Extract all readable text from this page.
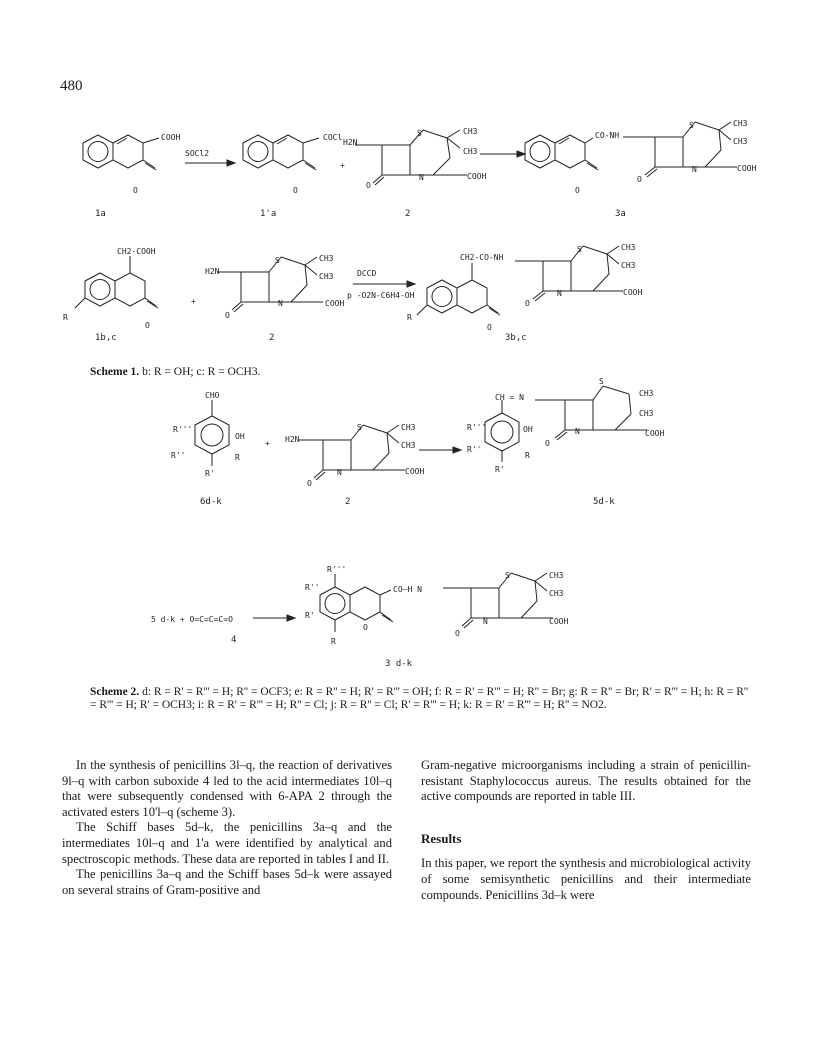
480
COOH	COCl
H2N
+
S	CH3
CH3
N	COOH
O
CO-NH
S	CH3
CH3
N	COOH
O
O	O	O
CH2-COOH
R
O
+
H2N
S	CH3
CH3
N	COOH
O
CH2-CO-NH
S	CH3
CH3
N	COOH
O
R
O
SOCl2
DCCD
p -O2N-C6H4-OH
1a	1'a	2	3a
1b,c	2	3b,c
Scheme 1. b: R = OH; c: R = OCH3.
CHO
R'''
OH
R''	R
R'
+ H2N
S	CH3
CH3
N	COOH
O
CH = N
R'''	OH
R''
R
R'
S
CH3
CH3
N	COOH
O
R'''
R''
R'
R
CO—H N
S	CH3
CH3
N	COOH
O
O
5 d-k + O=C=C=C=O
6d-k	2	5d-k
3 d-k
4
Scheme 2. d: R = R' = R''' = H; R'' = OCF3; e: R = R'' = H; R' = R''' = OH; f: R = R' = R''' = H; R'' = Br; g: R = R'' = Br; R' = R''' = H; h: R = R'' = R''' = H; R' = OCH3; i: R = R' = R''' = H; R'' = Cl; j: R = R'' = Cl; R' = R''' = H; k: R = R' = R''' = H; R'' = NO2.

In the synthesis of penicillins 3l–q, the reaction of derivatives 9l–q with carbon suboxide 4 led to the acid intermediates 10l–q that were subsequently condensed with 6-APA 2 through the activated esters 10'l–q (scheme 3).

The Schiff bases 5d–k, the penicillins 3a–q and the intermediates 10l–q and 1'a were identified by analytical and spectroscopic methods. These data are reported in tables I and II.

The penicillins 3a–q and the Schiff bases 5d–k were assayed on several strains of Gram-positive and

Gram-negative microorganisms including a strain of penicillin-resistant Staphylococcus aureus. The results obtained for the active compounds are reported in table III.

Results

In this paper, we report the synthesis and microbiological activity of some semisynthetic penicillins and their intermediate compounds. Penicillins 3d–k were
